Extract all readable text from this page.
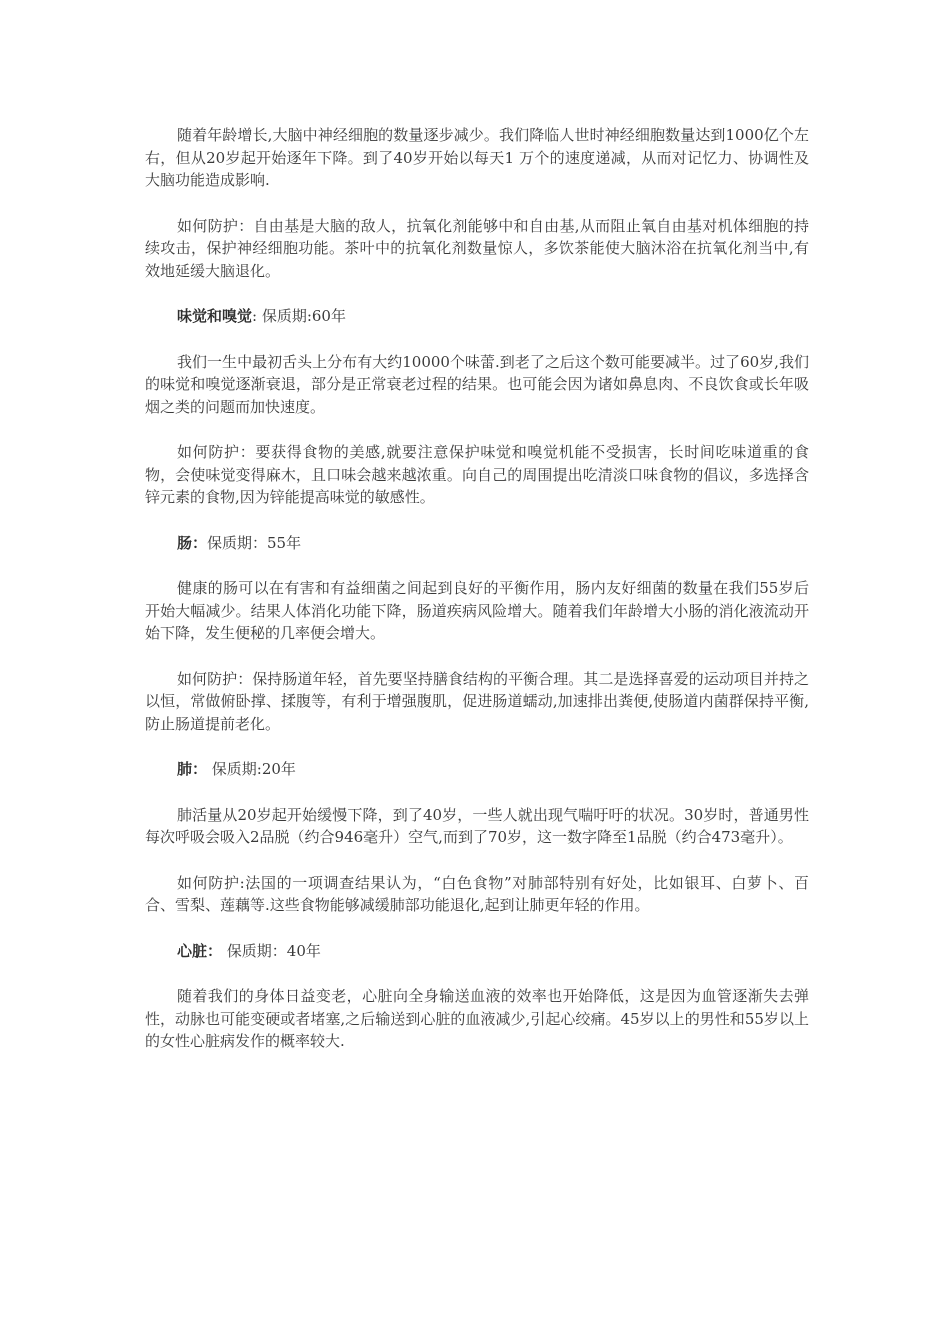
随着年龄增长,大脑中神经细胞的数量逐步减少。我们降临人世时神经细胞数量达到1000亿个左右，但从20岁起开始逐年下降。到了40岁开始以每天1 万个的速度递减，从而对记忆力、协调性及大脑功能造成影响.

如何防护：自由基是大脑的敌人，抗氧化剂能够中和自由基,从而阻止氧自由基对机体细胞的持续攻击，保护神经细胞功能。茶叶中的抗氧化剂数量惊人，多饮茶能使大脑沐浴在抗氧化剂当中,有效地延缓大脑退化。

味觉和嗅觉: 保质期:60年

我们一生中最初舌头上分布有大约10000个味蕾.到老了之后这个数可能要减半。过了60岁,我们的味觉和嗅觉逐渐衰退，部分是正常衰老过程的结果。也可能会因为诸如鼻息肉、不良饮食或长年吸烟之类的问题而加快速度。

如何防护：要获得食物的美感,就要注意保护味觉和嗅觉机能不受损害，长时间吃味道重的食物，会使味觉变得麻木，且口味会越来越浓重。向自己的周围提出吃清淡口味食物的倡议，多选择含锌元素的食物,因为锌能提高味觉的敏感性。

肠：保质期：55年

健康的肠可以在有害和有益细菌之间起到良好的平衡作用，肠内友好细菌的数量在我们55岁后开始大幅减少。结果人体消化功能下降，肠道疾病风险增大。随着我们年龄增大小肠的消化液流动开始下降，发生便秘的几率便会增大。

如何防护：保持肠道年轻，首先要坚持膳食结构的平衡合理。其二是选择喜爱的运动项目并持之以恒，常做俯卧撑、揉腹等，有利于增强腹肌，促进肠道蠕动,加速排出粪便,使肠道内菌群保持平衡,防止肠道提前老化。

肺： 保质期:20年

肺活量从20岁起开始缓慢下降，到了40岁，一些人就出现气喘吁吁的状况。30岁时，普通男性每次呼吸会吸入2品脱（约合946毫升）空气,而到了70岁，这一数字降至1品脱（约合473毫升）。

如何防护:法国的一项调查结果认为，“白色食物”对肺部特别有好处，比如银耳、白萝卜、百合、雪梨、莲藕等.这些食物能够减缓肺部功能退化,起到让肺更年轻的作用。

心脏： 保质期：40年

随着我们的身体日益变老，心脏向全身输送血液的效率也开始降低，这是因为血管逐渐失去弹性，动脉也可能变硬或者堵塞,之后输送到心脏的血液减少,引起心绞痛。45岁以上的男性和55岁以上的女性心脏病发作的概率较大.
